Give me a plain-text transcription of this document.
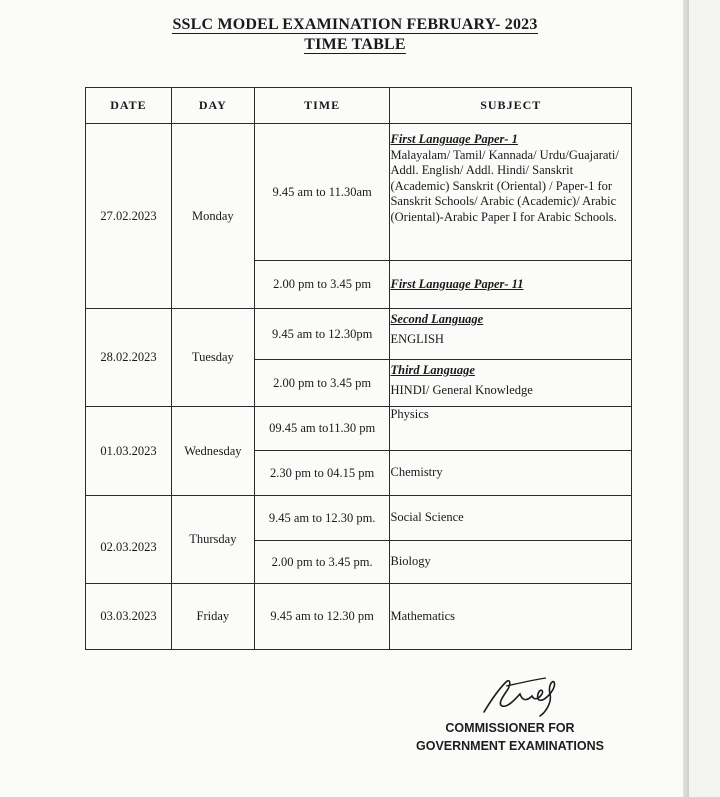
SSLC MODEL EXAMINATION FEBRUARY- 2023
TIME TABLE
DATE	DAY	TIME	SUBJECT
27.02.2023	Monday	9.45 am to 11.30am	First Language Paper- 1
Malayalam/ Tamil/ Kannada/ Urdu/Guajarati/ Addl. English/ Addl. Hindi/ Sanskrit (Academic) Sanskrit (Oriental) / Paper-1 for Sanskrit Schools/ Arabic (Academic)/ Arabic (Oriental)-Arabic Paper I for Arabic Schools.

		2.00 pm to 3.45 pm	First Language Paper- 11

28.02.2023	Tuesday	9.45 am to 12.30pm	Second Language
ENGLISH

		2.00 pm to 3.45 pm	Third Language
HINDI/ General Knowledge

01.03.2023	Wednesday	09.45 am to11.30 pm	Physics

		2.30 pm to 04.15 pm	Chemistry

02.03.2023	Thursday	9.45 am to 12.30 pm.	Social Science

		2.00 pm to 3.45 pm.	Biology

03.03.2023	Friday	9.45 am to 12.30 pm	Mathematics
COMMISSIONER FOR
GOVERNMENT EXAMINATIONS
